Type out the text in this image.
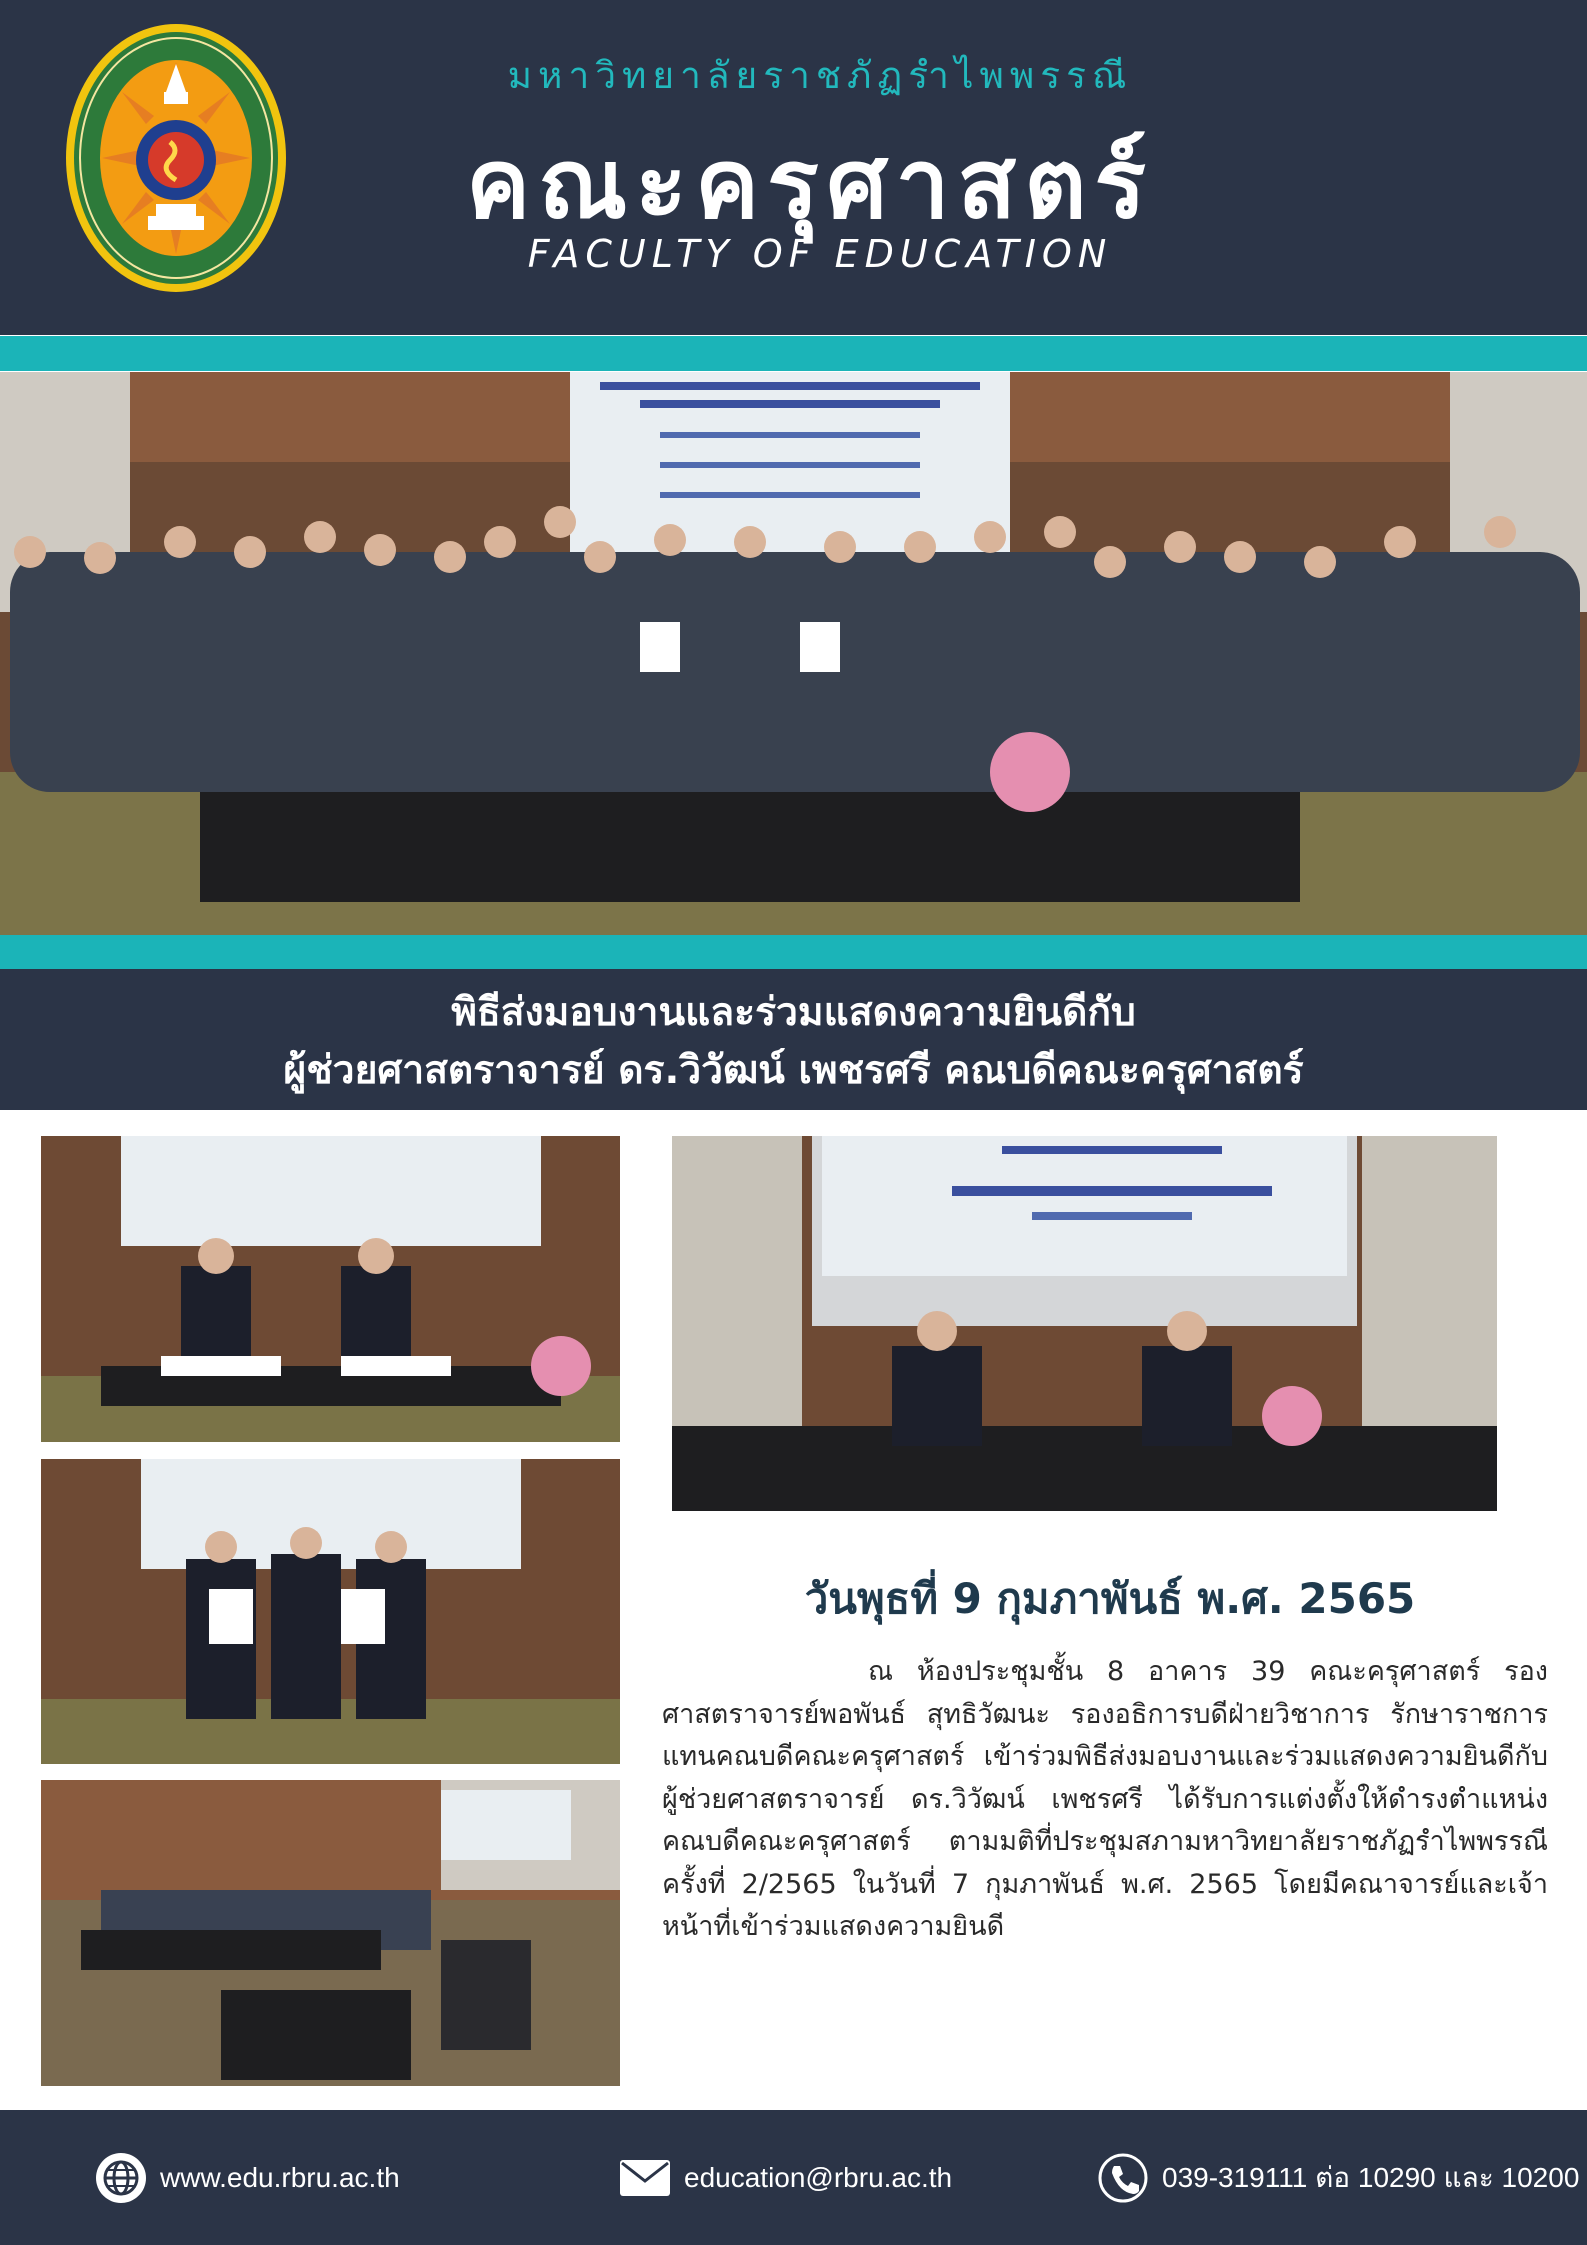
มหาวิทยาลัยราชภัฏรำไพพรรณี
คณะครุศาสตร์
FACULTY OF EDUCATION
พิธีส่งมอบงานและร่วมแสดงความยินดีกับ
ผู้ช่วยศาสตราจารย์ ดร.วิวัฒน์ เพชรศรี คณบดีคณะครุศาสตร์
วันพุธที่ 9 กุมภาพันธ์ พ.ศ. 2565
ณ ห้องประชุมชั้น 8 อาคาร 39 คณะครุศาสตร์ รองศาสตราจารย์พอพันธ์ สุทธิวัฒนะ รองอธิการบดีฝ่ายวิชาการ รักษาราชการแทนคณบดีคณะครุศาสตร์ เข้าร่วมพิธีส่งมอบงานและร่วมแสดงความยินดีกับ ผู้ช่วยศาสตราจารย์ ดร.วิวัฒน์ เพชรศรี ได้รับการแต่งตั้งให้ดำรงตำแหน่ง คณบดีคณะครุศาสตร์ ตามมติที่ประชุมสภามหาวิทยาลัยราชภัฏรำไพพรรณี ครั้งที่ 2/2565 ในวันที่ 7 กุมภาพันธ์ พ.ศ. 2565 โดยมีคณาจารย์และเจ้าหน้าที่เข้าร่วมแสดงความยินดี
www.edu.rbru.ac.th	education@rbru.ac.th	039-319111 ต่อ 10290 และ 10200
